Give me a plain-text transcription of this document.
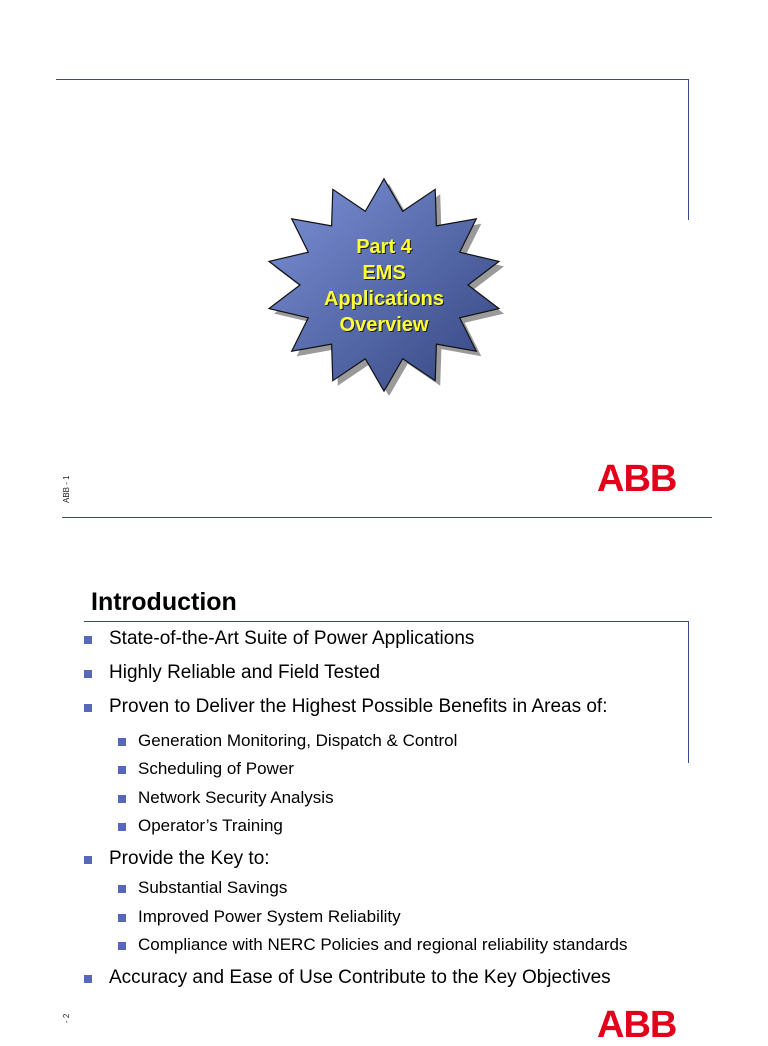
Part 4
EMS
Applications
Overview
ABB - 1	ABB
Introduction
State-of-the-Art Suite of Power Applications
Highly Reliable and Field Tested
Proven to Deliver the Highest Possible Benefits in Areas of:
Generation Monitoring, Dispatch & Control
Scheduling of Power
Network Security Analysis
Operator’s Training
Provide the Key to:
Substantial Savings
Improved Power System Reliability
Compliance with NERC Policies and regional reliability standards
Accuracy and Ease of Use Contribute to the Key Objectives
- 2	ABB
